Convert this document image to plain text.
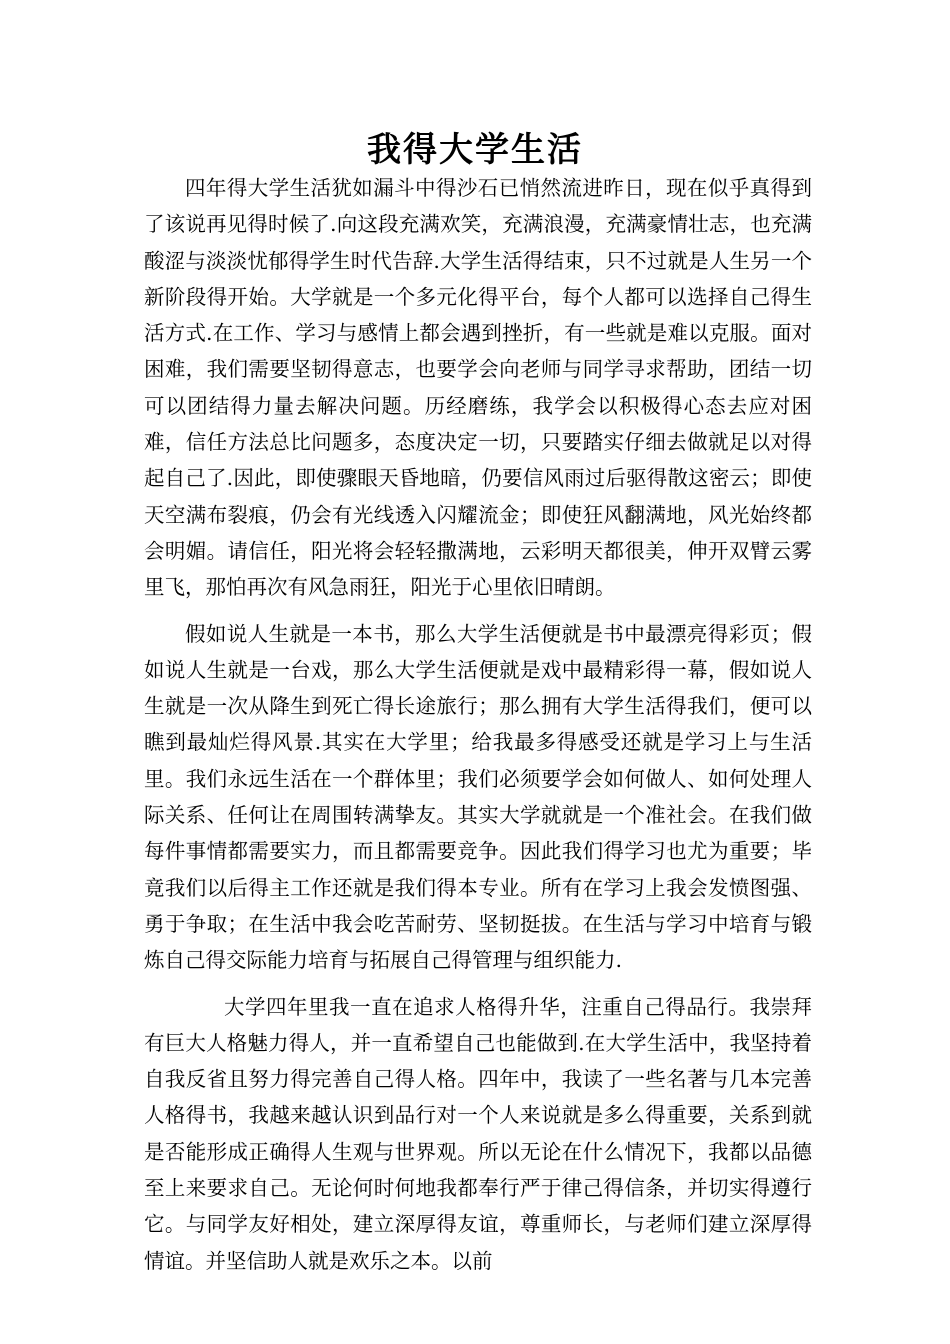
我得大学生活

四年得大学生活犹如漏斗中得沙石已悄然流进昨日，现在似乎真得到了该说再见得时候了.向这段充满欢笑，充满浪漫，充满豪情壮志，也充满酸涩与淡淡忧郁得学生时代告辞.大学生活得结束，只不过就是人生另一个新阶段得开始。大学就是一个多元化得平台，每个人都可以选择自己得生活方式.在工作、学习与感情上都会遇到挫折，有一些就是难以克服。面对困难，我们需要坚韧得意志，也要学会向老师与同学寻求帮助，团结一切可以团结得力量去解决问题。历经磨练，我学会以积极得心态去应对困难，信任方法总比问题多，态度决定一切，只要踏实仔细去做就足以对得起自己了.因此，即使骤眼天昏地暗，仍要信风雨过后驱得散这密云；即使天空满布裂痕，仍会有光线透入闪耀流金；即使狂风翻满地，风光始终都会明媚。请信任，阳光将会轻轻撒满地，云彩明天都很美，伸开双臂云雾里飞，那怕再次有风急雨狂，阳光于心里依旧晴朗。

假如说人生就是一本书，那么大学生活便就是书中最漂亮得彩页；假如说人生就是一台戏，那么大学生活便就是戏中最精彩得一幕，假如说人生就是一次从降生到死亡得长途旅行；那么拥有大学生活得我们，便可以瞧到最灿烂得风景.其实在大学里；给我最多得感受还就是学习上与生活里。我们永远生活在一个群体里；我们必须要学会如何做人、如何处理人际关系、任何让在周围转满挚友。其实大学就就是一个准社会。在我们做每件事情都需要实力，而且都需要竞争。因此我们得学习也尤为重要；毕竟我们以后得主工作还就是我们得本专业。所有在学习上我会发愤图强、勇于争取；在生活中我会吃苦耐劳、坚韧挺拔。在生活与学习中培育与锻炼自己得交际能力培育与拓展自己得管理与组织能力.

大学四年里我一直在追求人格得升华，注重自己得品行。我崇拜有巨大人格魅力得人，并一直希望自己也能做到.在大学生活中，我坚持着自我反省且努力得完善自己得人格。四年中，我读了一些名著与几本完善人格得书，我越来越认识到品行对一个人来说就是多么得重要，关系到就是否能形成正确得人生观与世界观。所以无论在什么情况下，我都以品德至上来要求自己。无论何时何地我都奉行严于律己得信条，并切实得遵行它。与同学友好相处，建立深厚得友谊，尊重师长，与老师们建立深厚得情谊。并坚信助人就是欢乐之本。以前
